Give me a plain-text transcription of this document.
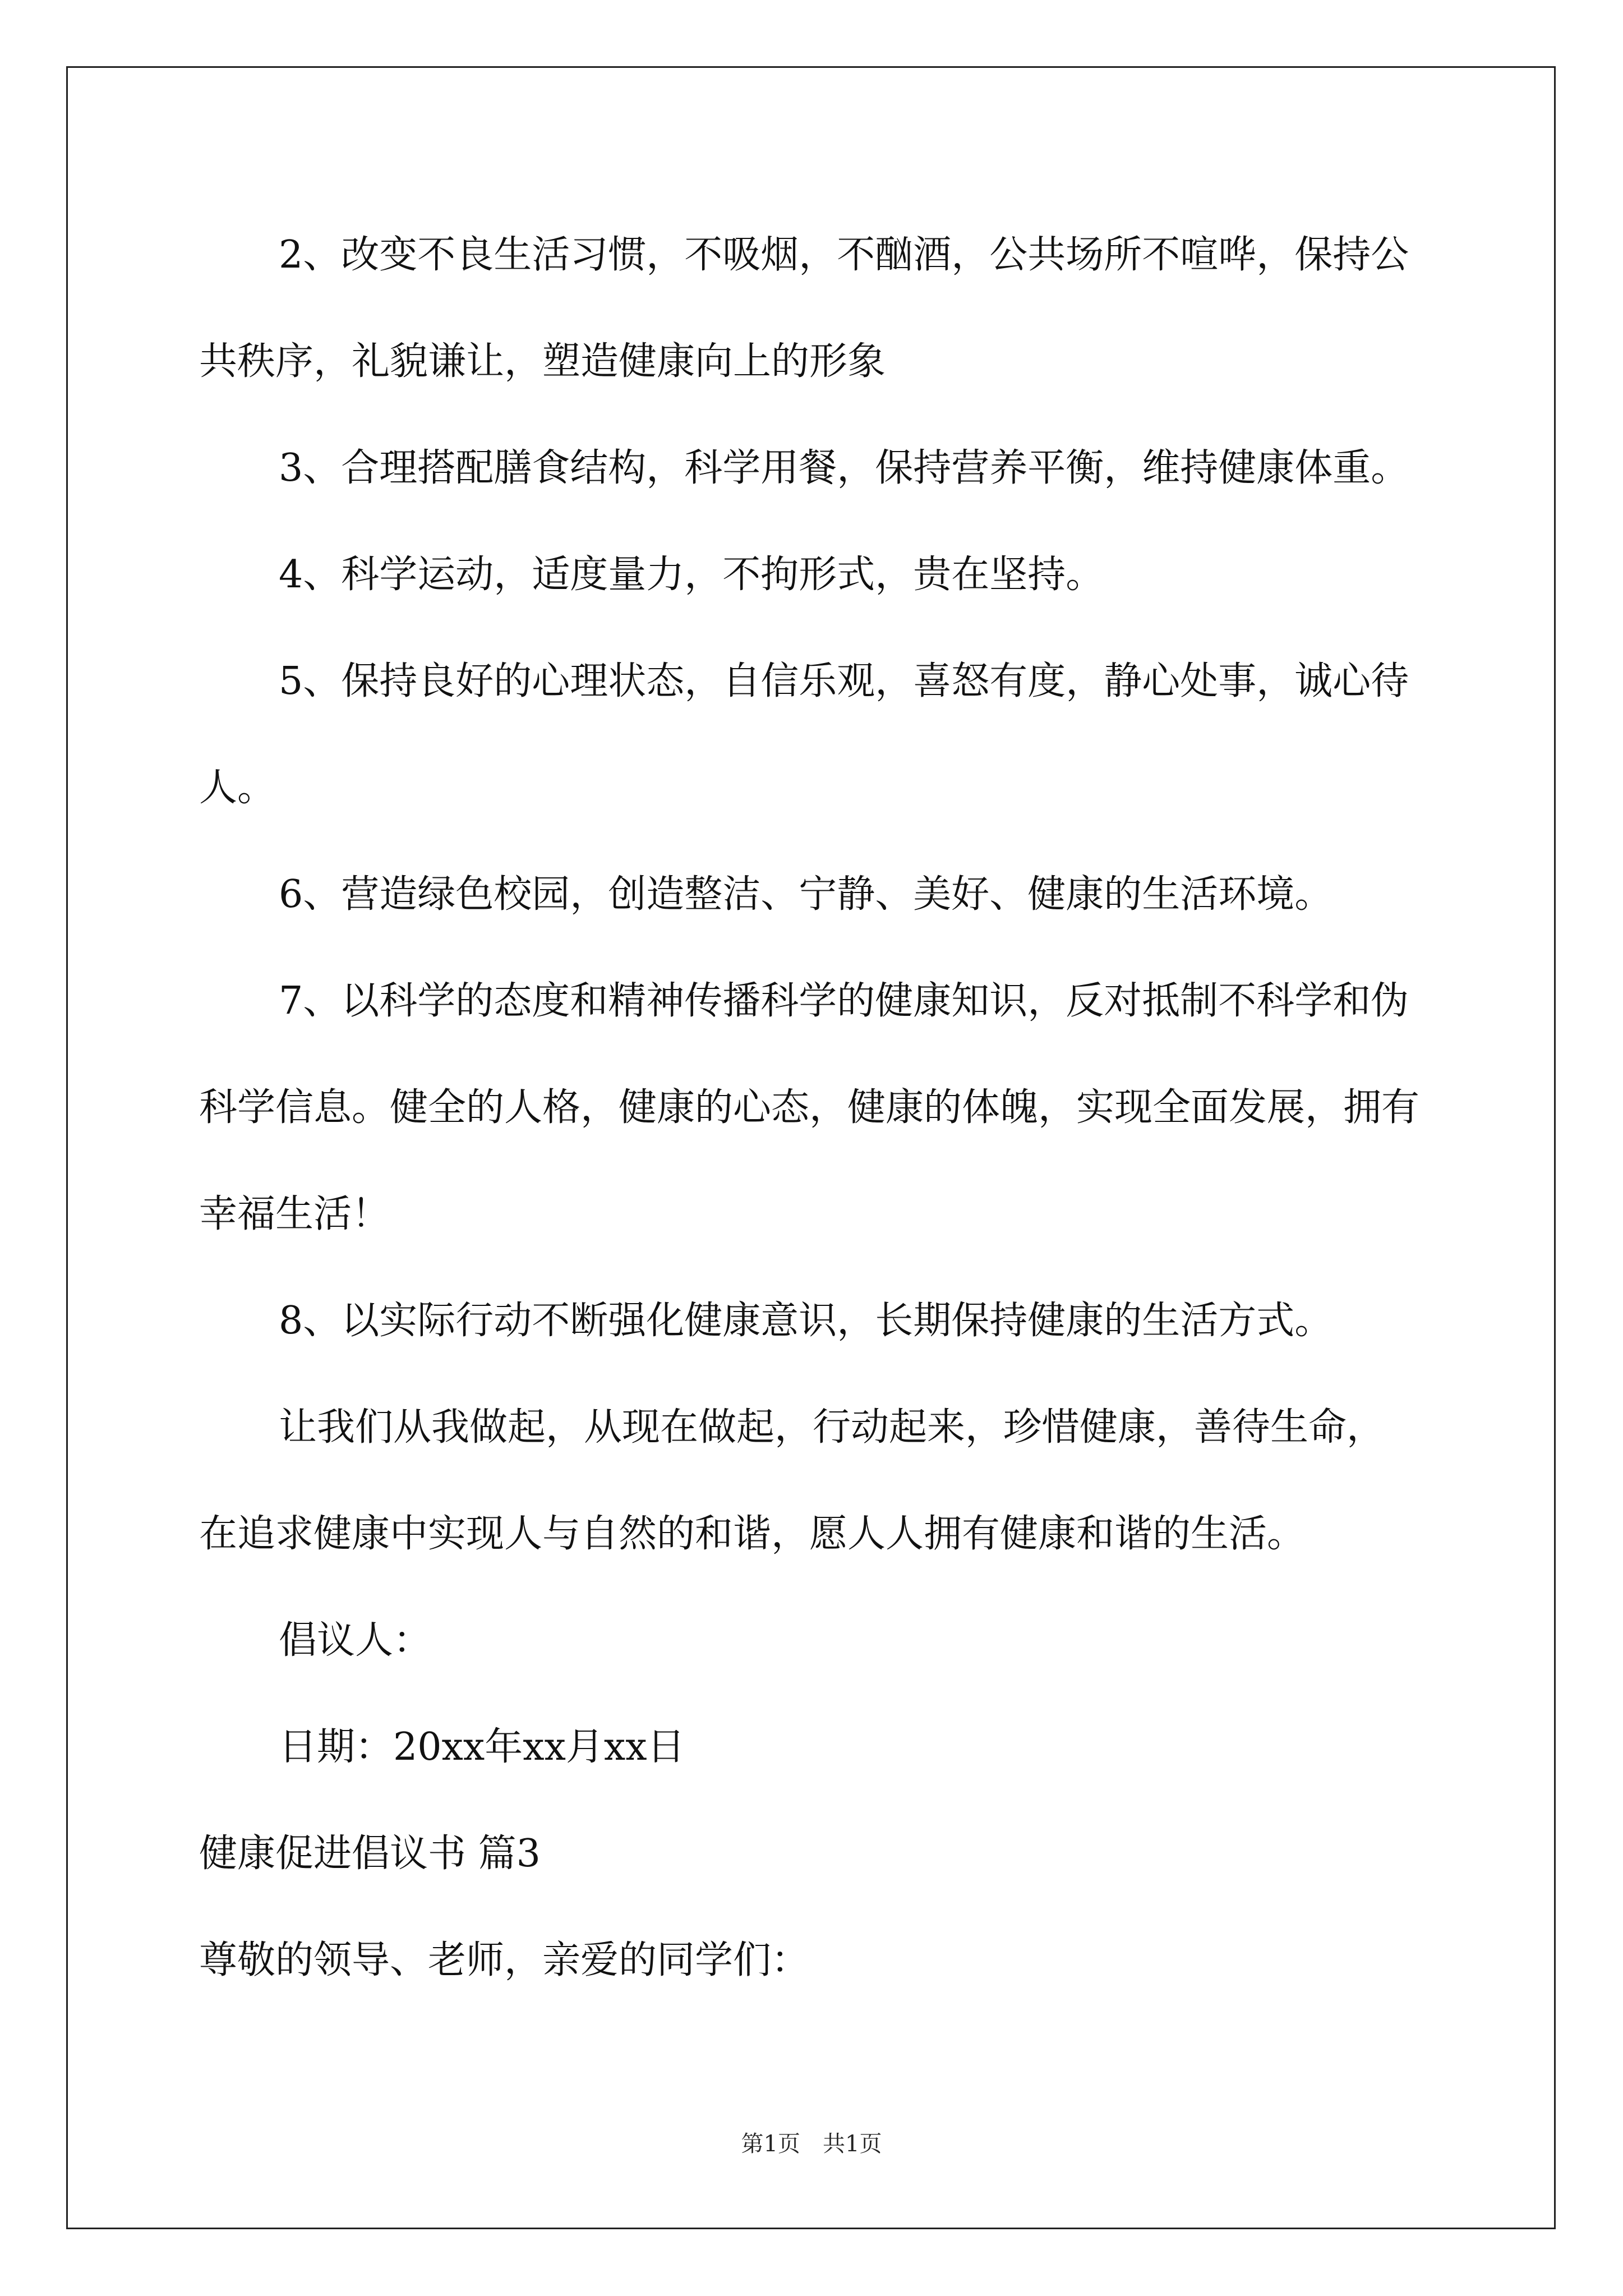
2、改变不良生活习惯，不吸烟，不酗酒，公共场所不喧哗，保持公共秩序，礼貌谦让，塑造健康向上的形象

3、合理搭配膳食结构，科学用餐，保持营养平衡，维持健康体重。

4、科学运动，适度量力，不拘形式，贵在坚持。

5、保持良好的心理状态，自信乐观，喜怒有度，静心处事，诚心待人。

6、营造绿色校园，创造整洁、宁静、美好、健康的生活环境。

7、以科学的态度和精神传播科学的健康知识，反对抵制不科学和伪科学信息。健全的人格，健康的心态，健康的体魄，实现全面发展，拥有幸福生活！

8、以实际行动不断强化健康意识，长期保持健康的生活方式。

让我们从我做起，从现在做起，行动起来，珍惜健康，善待生命，在追求健康中实现人与自然的和谐，愿人人拥有健康和谐的生活。

倡议人：

日期：20xx年xx月xx日

健康促进倡议书 篇3

尊敬的领导、老师，亲爱的同学们：

第1页　共1页
